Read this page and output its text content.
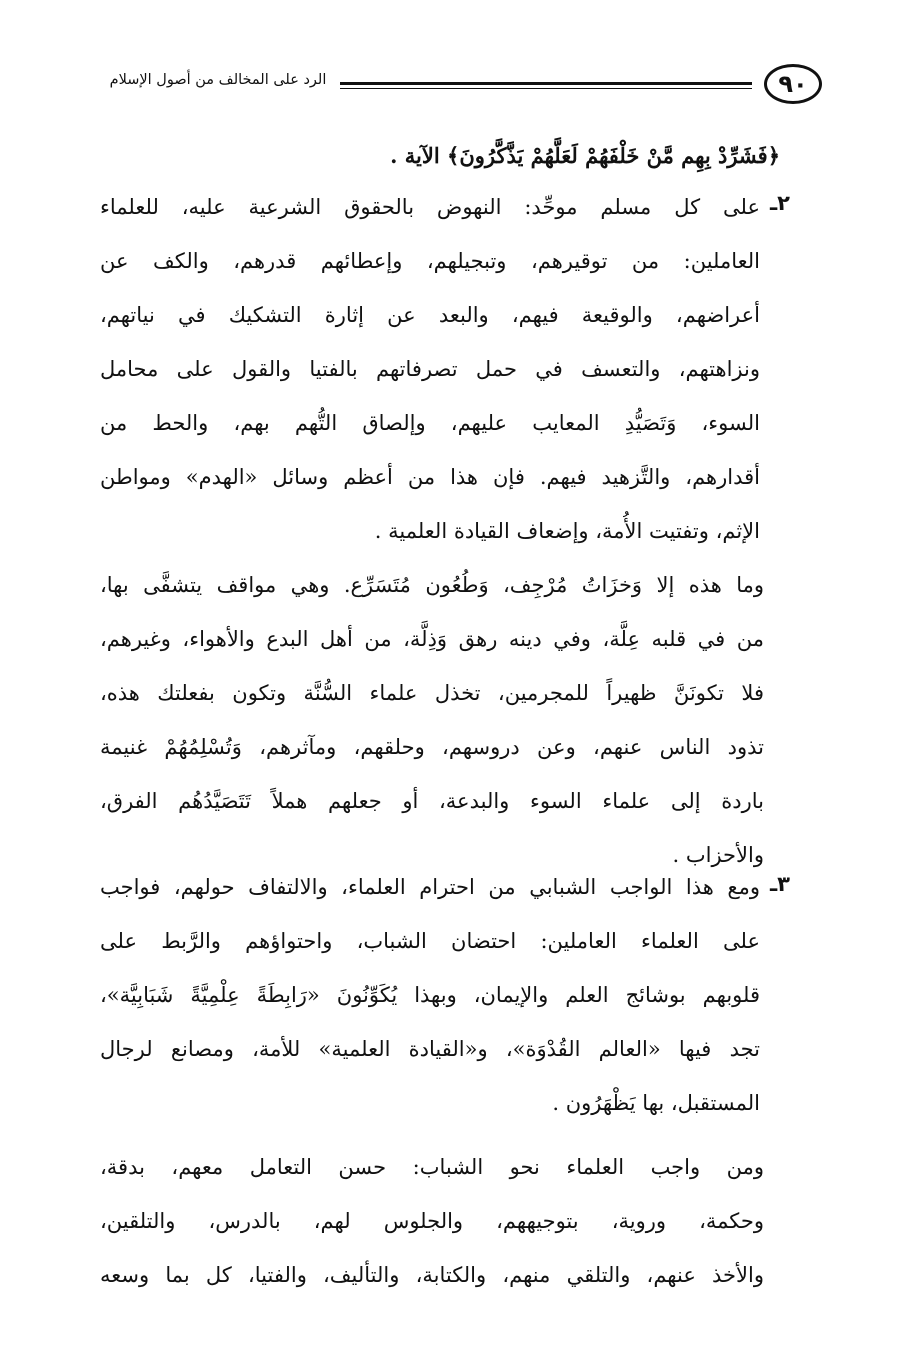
٩٠
الرد على المخالف من أصول الإسلام
﴿فَشَرِّدْ بِهِم مَّنْ خَلْفَهُمْ لَعَلَّهُمْ يَذَّكَّرُونَ﴾ الآية .
٢ـ
على كل مسلم موحِّد: النهوض بالحقوق الشرعية عليه، للعلماء
العاملين: من توقيرهم، وتبجيلهم، وإعطائهم قدرهم، والكف عن
أعراضهم، والوقيعة فيهم، والبعد عن إثارة التشكيك في نياتهم،
ونزاهتهم، والتعسف في حمل تصرفاتهم بالفتيا والقول على محامل
السوء، وَتَصَيُّدِ المعايب عليهم، وإلصاق التُّهم بهم، والحط من
أقدارهم، والتَّزهيد فيهم. فإن هذا من أعظم وسائل «الهدم» ومواطن
الإثم، وتفتيت الأُمة، وإضعاف القيادة العلمية .
وما هذه إلا وَخزَاتُ مُرْجِف، وَطُعُون مُتَسَرِّع. وهي مواقف يتشفَّى بها،
من في قلبه عِلَّة، وفي دينه رهق وَذِلَّة، من أهل البدع والأهواء، وغيرهم،
فلا تكونَنَّ ظهيراً للمجرمين، تخذل علماء السُّنَّة وتكون بفعلتك هذه،
تذود الناس عنهم، وعن دروسهم، وحلقهم، ومآثرهم، وَتُسْلِمُهُمْ غنيمة
باردة إلى علماء السوء والبدعة، أو جعلهم هملاً تَتَصَيَّدُهُم الفرق،
والأحزاب .
٣ـ
ومع هذا الواجب الشبابي من احترام العلماء، والالتفاف حولهم، فواجب
على العلماء العاملين: احتضان الشباب، واحتواؤهم والرَّبط على
قلوبهم بوشائج العلم والإيمان، وبهذا يُكَوِّنُونَ «رَابِطَةً عِلْمِيَّةً شَبَابِيَّة»،
تجد فيها «العالم القُدْوَة»، و«القيادة العلمية» للأمة، ومصانع لرجال
المستقبل، بها يَظْهَرُون .
ومن واجب العلماء نحو الشباب: حسن التعامل معهم، بدقة،
وحكمة، وروية، بتوجيههم، والجلوس لهم، بالدرس، والتلقين،
والأخذ عنهم، والتلقي منهم، والكتابة، والتأليف، والفتيا، كل بما وسعه
